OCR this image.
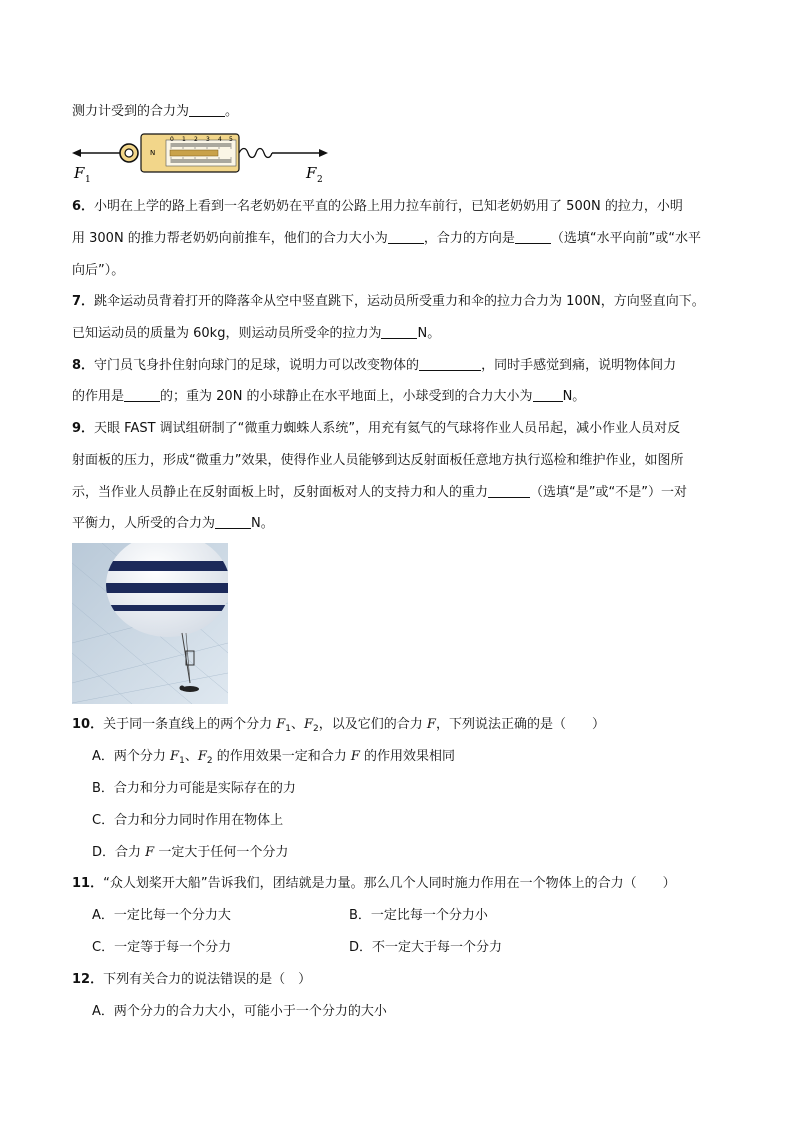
测力计受到的合力为	。
N
0 1 2 3 4 5
F 1	F 2
6．小明在上学的路上看到一名老奶奶在平直的公路上用力拉车前行，已知老奶奶用了 500N 的拉力，小明
用 300N 的推力帮老奶奶向前推车，他们的合力大小为	，合力的方向是	（选填“水平向前”或“水平
向后”）。
7．跳伞运动员背着打开的降落伞从空中竖直跳下，运动员所受重力和伞的拉力合力为 100N，方向竖直向下。
已知运动员的质量为 60kg，则运动员所受伞的拉力为	N。
8．守门员飞身扑住射向球门的足球，说明力可以改变物体的	，同时手感觉到痛，说明物体间力
的作用是	的；重为 20N 的小球静止在水平地面上，小球受到的合力大小为 N。
9．天眼 FAST 调试组研制了“微重力蜘蛛人系统”，用充有氦气的气球将作业人员吊起，减小作业人员对反
射面板的压力，形成“微重力”效果，使得作业人员能够到达反射面板任意地方执行巡检和维护作业，如图所
示，当作业人员静止在反射面板上时，反射面板对人的支持力和人的重力	（选填“是”或“不是”）一对
平衡力，人所受的合力为	N。
10．关于同一条直线上的两个分力 $F_1$、$F_2$，以及它们的合力 F，下列说法正确的是（　　）
A．两个分力 $F_1$、$F_2$ 的作用效果一定和合力 F 的作用效果相同
B．合力和分力可能是实际存在的力
C．合力和分力同时作用在物体上
D．合力 F 一定大于任何一个分力
11．“众人划桨开大船”告诉我们，团结就是力量。那么几个人同时施力作用在一个物体上的合力（　　）
A．一定比每一个分力大	B．一定比每一个分力小
C．一定等于每一个分力	D．不一定大于每一个分力
12．下列有关合力的说法错误的是（　）
A．两个分力的合力大小，可能小于一个分力的大小
